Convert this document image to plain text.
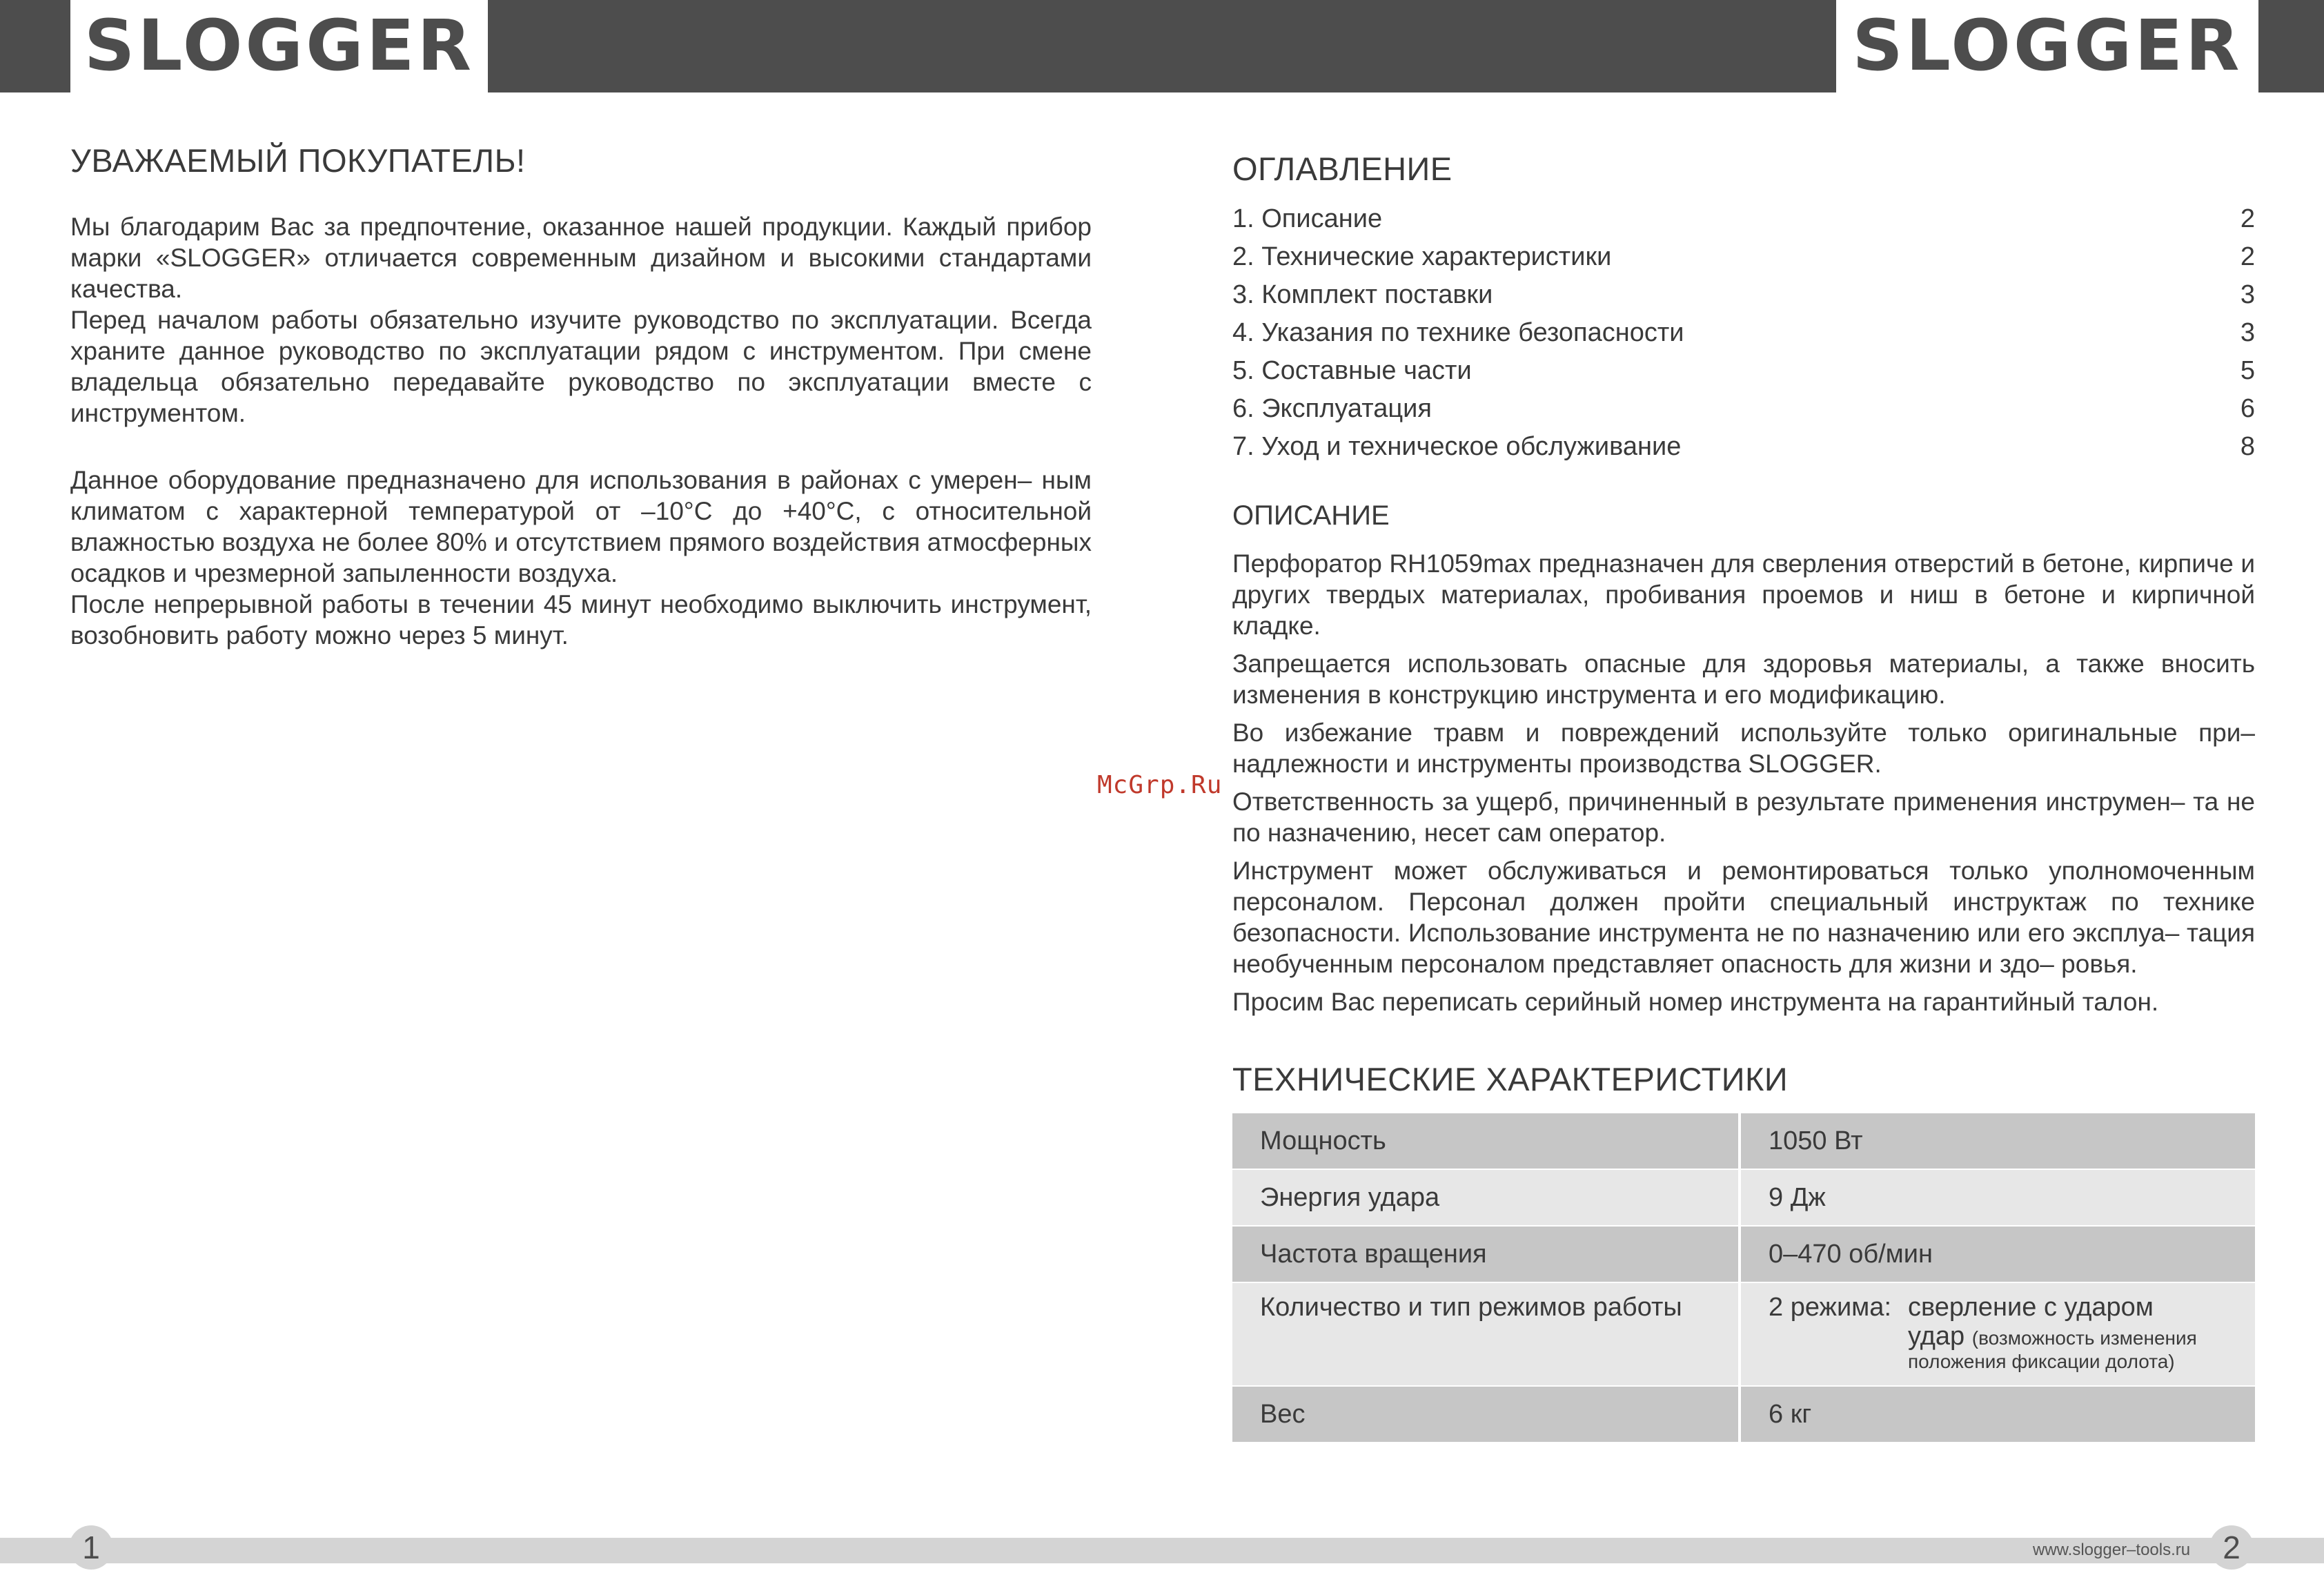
SLOGGER	SLOGGER
УВАЖАЕМЫЙ ПОКУПАТЕЛЬ!

Мы благодарим Вас за предпочтение, оказанное нашей продукции. Каждый прибор марки «SLOGGER» отличается современным дизайном и высокими стандартами качества.

Перед началом работы обязательно изучите руководство по эксплуатации. Всегда храните данное руководство по эксплуатации рядом с инструментом. При смене владельца обязательно передавайте руководство по эксплуатации вместе с инструментом.

Данное оборудование предназначено для использования в районах с умерен– ным климатом с характерной температурой от –10°С до +40°С, с относительной влажностью воздуха не более 80% и отсутствием прямого воздействия атмосферных осадков и чрезмерной запыленности воздуха.

После непрерывной работы в течении 45 минут необходимо выключить инструмент, возобновить работу можно через 5 минут.

ОГЛАВЛЕНИЕ
1. Описание	2
2. Технические характеристики	2
3. Комплект поставки	3
4. Указания по технике безопасности	3
5. Составные части	5
6. Эксплуатация	6
7. Уход и техническое обслуживание	8
ОПИСАНИЕ

Перфоратор RH1059max предназначен для сверления отверстий в бетоне, кирпиче и других твердых материалах, пробивания проемов и ниш в бетоне и кирпичной кладке.

Запрещается использовать опасные для здоровья материалы, а также вносить изменения в конструкцию инструмента и его модификацию.

Во избежание травм и повреждений используйте только оригинальные при– надлежности и инструменты производства SLOGGER.

Ответственность за ущерб, причиненный в результате применения инструмен– та не по назначению, несет сам оператор.

Инструмент может обслуживаться и ремонтироваться только уполномоченным персоналом. Персонал должен пройти специальный инструктаж по технике безопасности. Использование инструмента не по назначению или его эксплуа– тация необученным персоналом представляет опасность для жизни и здо– ровья.

Просим Вас переписать серийный номер инструмента на гарантийный талон.

ТЕХНИЧЕСКИЕ ХАРАКТЕРИСТИКИ
Мощность	1050 Вт
Энергия удара	9 Дж
Частота вращения	0–470 об/мин
Количество и тип режимов работы	2 режима: сверление с ударом
удар (возможность изменения
положения фиксации долота)

Вес	6 кг
McGrp.Ru
1	www.slogger–tools.ru	2
